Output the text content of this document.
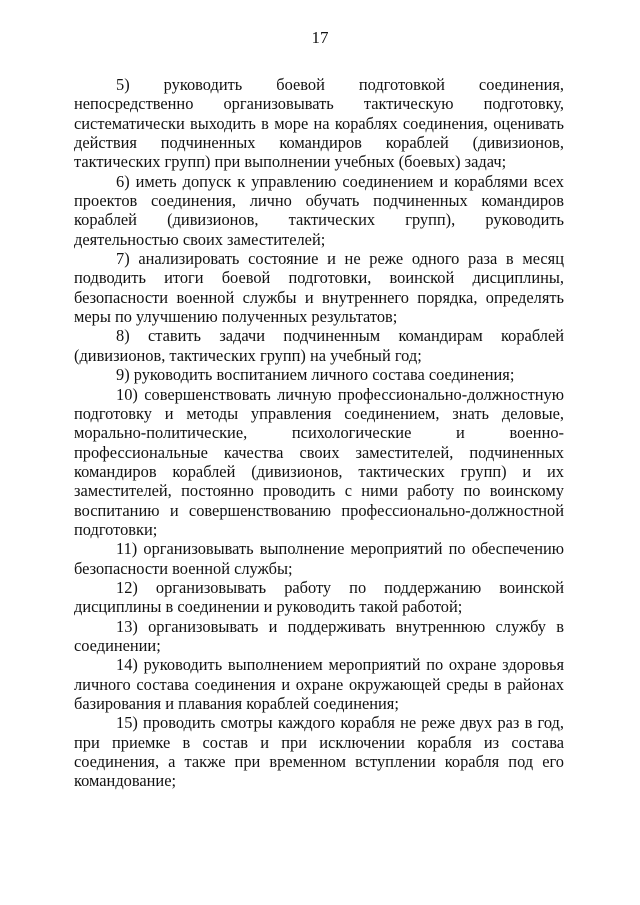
17

5) руководить боевой подготовкой соединения, непосредственно организовывать тактическую подготовку, систематически выходить в море на кораблях соединения, оценивать действия подчиненных командиров кораблей (дивизионов, тактических групп) при выполнении учебных (боевых) задач;

6) иметь допуск к управлению соединением и кораблями всех проектов соединения, лично обучать подчиненных командиров кораблей (дивизионов, тактических групп), руководить деятельностью своих заместителей;

7) анализировать состояние и не реже одного раза в месяц подводить итоги боевой подготовки, воинской дисциплины, безопасности военной службы и внутреннего порядка, определять меры по улучшению полученных результатов;

8) ставить задачи подчиненным командирам кораблей (дивизионов, тактических групп) на учебный год;

9) руководить воспитанием личного состава соединения;

10) совершенствовать личную профессионально-должностную подготовку и методы управления соединением, знать деловые, морально-политические, психологические и военно-профессиональные качества своих заместителей, подчиненных командиров кораблей (дивизионов, тактических групп) и их заместителей, постоянно проводить с ними работу по воинскому воспитанию и совершенствованию профессионально-должностной подготовки;

11) организовывать выполнение мероприятий по обеспечению безопасности военной службы;

12) организовывать работу по поддержанию воинской дисциплины в соединении и руководить такой работой;

13) организовывать и поддерживать внутреннюю службу в соединении;

14) руководить выполнением мероприятий по охране здоровья личного состава соединения и охране окружающей среды в районах базирования и плавания кораблей соединения;

15) проводить смотры каждого корабля не реже двух раз в год, при приемке в состав и при исключении корабля из состава соединения, а также при временном вступлении корабля под его командование;
